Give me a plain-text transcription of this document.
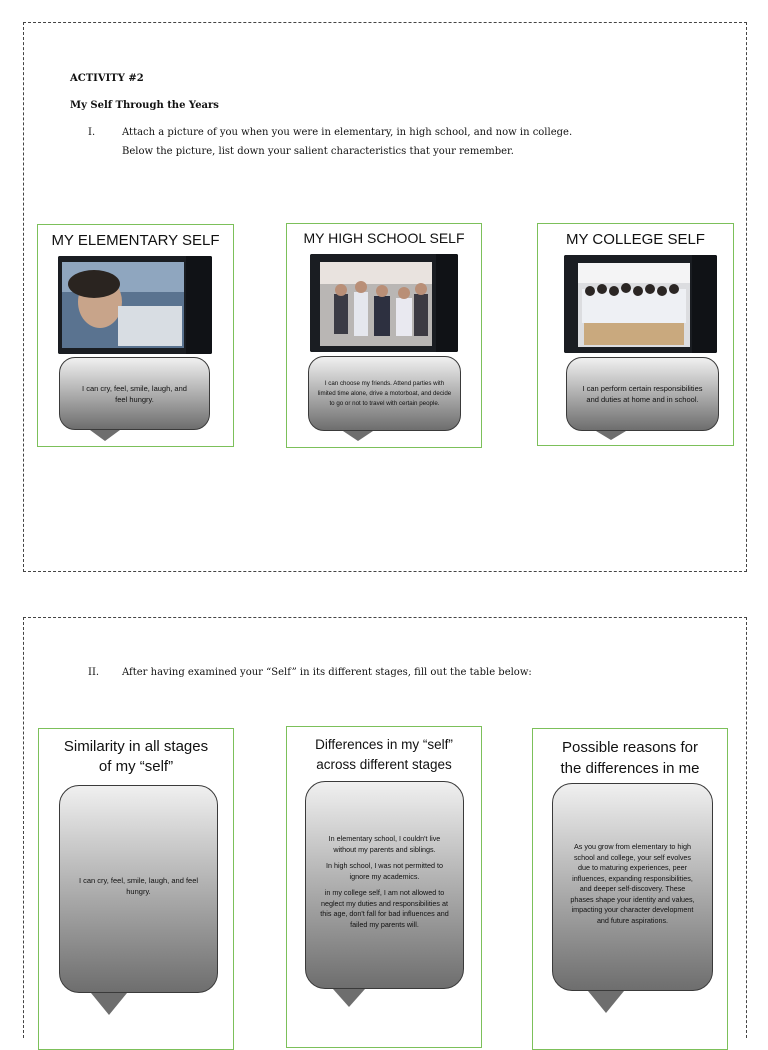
ACTIVITY #2
My Self Through the Years
I.	Attach a picture of you when you were in elementary, in high school, and now in college.
Below the picture, list down your salient characteristics that your remember.
MY ELEMENTARY SELF
I can cry, feel, smile, laugh, and feel hungry.
MY HIGH SCHOOL SELF
I can choose my friends. Attend parties with limited time alone, drive a motorboat, and decide to go or not to travel with certain people.
MY COLLEGE SELF
I can perform certain responsibilities and duties at home and in school.
II. After having examined your “Self” in its different stages, fill out the table below:
Similarity in all stages
of my “self”

I can cry, feel, smile, laugh, and feel hungry.

Differences in my “self”
across different stages

In elementary school, I couldn't live without my parents and siblings.

In high school, I was not permitted to ignore my academics.

in my college self, I am not allowed to neglect my duties and responsibilities at this age, don't fall for bad influences and failed my parents will.

Possible reasons for
the differences in me

As you grow from elementary to high school and college, your self evolves due to maturing experiences, peer influences, expanding responsibilities, and deeper self-discovery. These phases shape your identity and values, impacting your character development and future aspirations.
